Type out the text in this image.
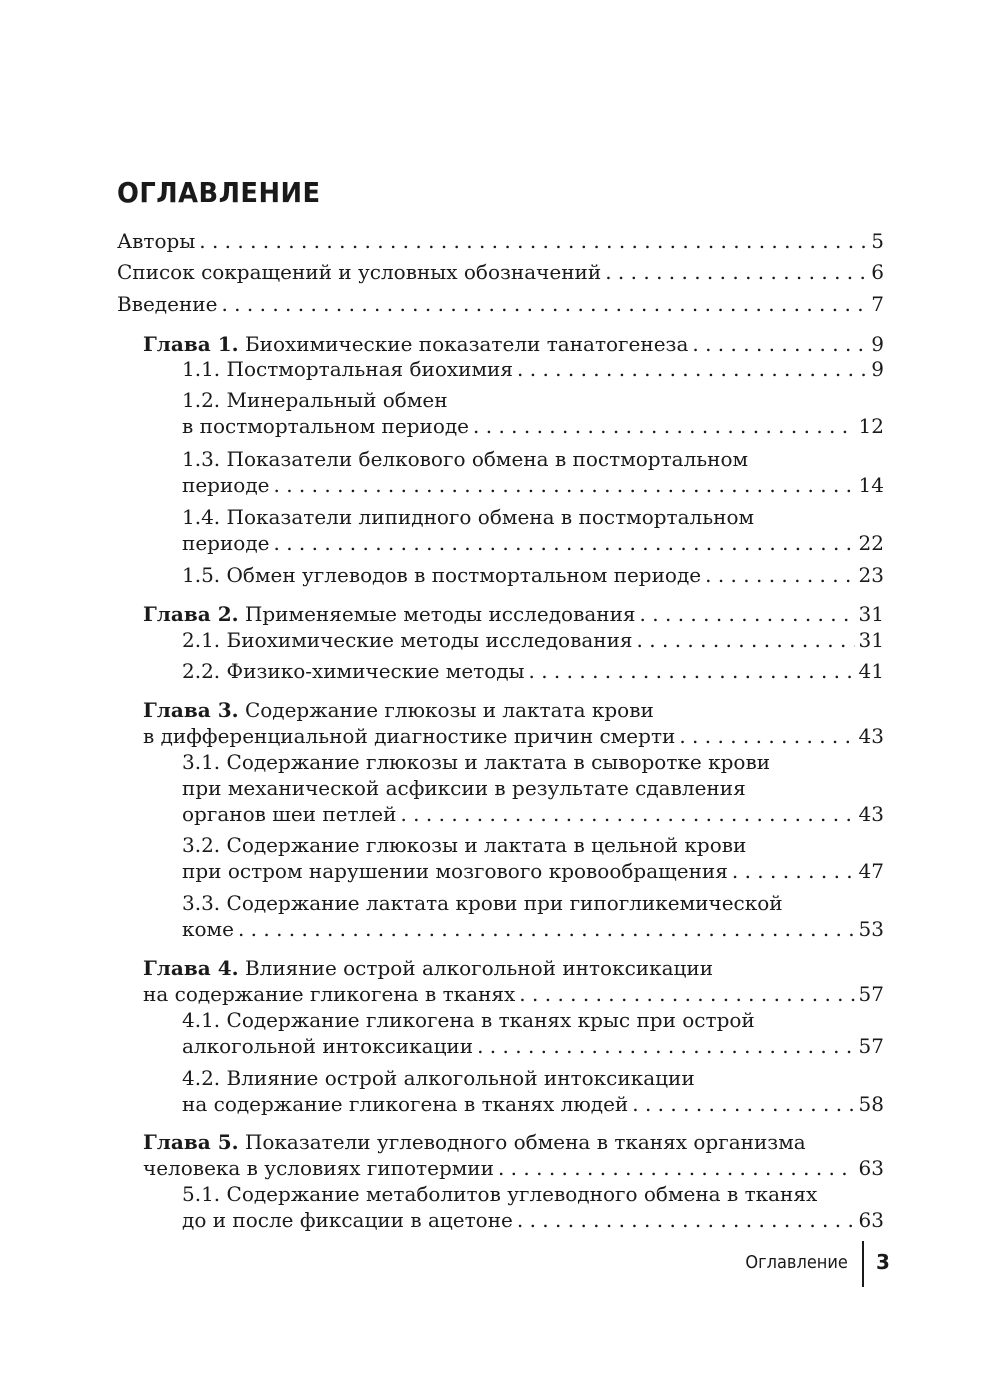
ОГЛАВЛЕНИЕ
Авторы . . .	5
Список сокращений и условных обозначений . . .	6
Введение . . .	7
Глава 1. Биохимические показатели танатогенеза . . .	9
1.1. Постмортальная биохимия . . .	9
1.2. Минеральный обмен
в постмортальном периоде . . .	12
1.3. Показатели белкового обмена в постмортальном
периоде . . .	14
1.4. Показатели липидного обмена в постмортальном
периоде . . .	22
1.5. Обмен углеводов в постмортальном периоде . . .	23
Глава 2. Применяемые методы исследования . . .	31
2.1. Биохимические методы исследования . . .	31
2.2. Физико-химические методы . . .	41
Глава 3. Содержание глюкозы и лактата крови
в дифференциальной диагностике причин смерти . . .	43
3.1. Содержание глюкозы и лактата в сыворотке крови
при механической асфиксии в результате сдавления
органов шеи петлей . . .	43
3.2. Содержание глюкозы и лактата в цельной крови
при остром нарушении мозгового кровообращения . . .	47
3.3. Содержание лактата крови при гипогликемической
коме . . .	53
Глава 4. Влияние острой алкогольной интоксикации
на содержание гликогена в тканях . . .	57
4.1. Содержание гликогена в тканях крыс при острой
алкогольной интоксикации . . .	57
4.2. Влияние острой алкогольной интоксикации
на содержание гликогена в тканях людей . . .	58
Глава 5. Показатели углеводного обмена в тканях организма
человека в условиях гипотермии . . .	63
5.1. Содержание метаболитов углеводного обмена в тканях
до и после фиксации в ацетоне . . .	63
Оглавление 3
